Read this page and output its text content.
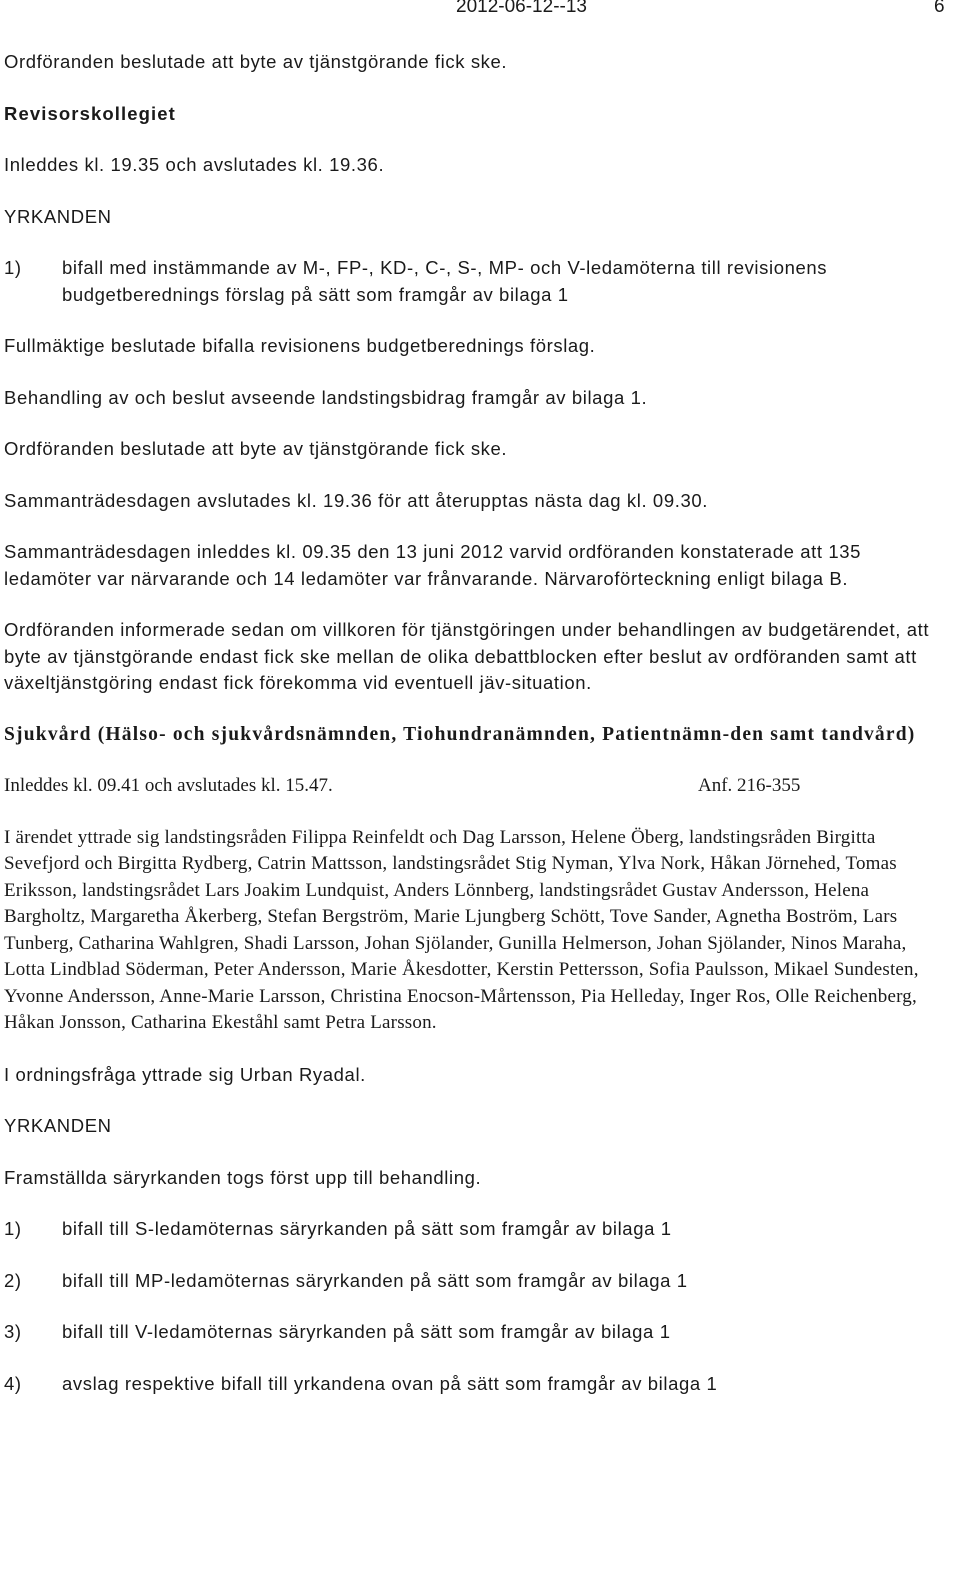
2012-06-12--13	6

Ordföranden beslutade att byte av tjänstgörande fick ske.

Revisorskollegiet

Inleddes kl. 19.35 och avslutades kl. 19.36.

YRKANDEN

1)	bifall med instämmande av M-, FP-, KD-, C-, S-, MP- och V-ledamöterna till revisionens budgetberednings förslag på sätt som framgår av bilaga 1

Fullmäktige beslutade bifalla revisionens budgetberednings förslag.

Behandling av och beslut avseende landstingsbidrag framgår av bilaga 1.

Ordföranden beslutade att byte av tjänstgörande fick ske.

Sammanträdesdagen avslutades kl. 19.36 för att återupptas nästa dag kl. 09.30.

Sammanträdesdagen inleddes kl. 09.35 den 13 juni 2012 varvid ordföranden konstaterade att 135 ledamöter var närvarande och 14 ledamöter var frånvarande. Närvaroförteckning enligt bilaga B.

Ordföranden informerade sedan om villkoren för tjänstgöringen under behandlingen av budgetärendet, att byte av tjänstgörande endast fick ske mellan de olika debattblocken efter beslut av ordföranden samt att växeltjänstgöring endast fick förekomma vid eventuell jäv-situation.

Sjukvård (Hälso- och sjukvårdsnämnden, Tiohundranämnden, Patientnämn-den samt tandvård)

Inleddes kl. 09.41 och avslutades kl. 15.47.	Anf. 216-355

I ärendet yttrade sig landstingsråden Filippa Reinfeldt och Dag Larsson, Helene Öberg, landstingsråden Birgitta Sevefjord och Birgitta Rydberg, Catrin Mattsson, landstingsrådet Stig Nyman, Ylva Nork, Håkan Jörnehed, Tomas Eriksson, landstingsrådet Lars Joakim Lundquist, Anders Lönnberg, landstingsrådet Gustav Andersson, Helena Bargholtz, Margaretha Åkerberg, Stefan Bergström, Marie Ljungberg Schött, Tove Sander, Agnetha Boström, Lars Tunberg, Catharina Wahlgren, Shadi Larsson, Johan Sjölander, Gunilla Helmerson, Johan Sjölander, Ninos Maraha, Lotta Lindblad Söderman, Peter Andersson, Marie Åkesdotter, Kerstin Pettersson, Sofia Paulsson, Mikael Sundesten, Yvonne Andersson, Anne-Marie Larsson, Christina Enocson-Mårtensson, Pia Helleday, Inger Ros, Olle Reichenberg, Håkan Jonsson, Catharina Ekeståhl samt Petra Larsson.

I ordningsfråga yttrade sig Urban Ryadal.

YRKANDEN

Framställda säryrkanden togs först upp till behandling.

1)	bifall till S-ledamöternas säryrkanden på sätt som framgår av bilaga 1
2)	bifall till MP-ledamöternas säryrkanden på sätt som framgår av bilaga 1
3)	bifall till V-ledamöternas säryrkanden på sätt som framgår av bilaga 1
4)	avslag respektive bifall till yrkandena ovan på sätt som framgår av bilaga 1
